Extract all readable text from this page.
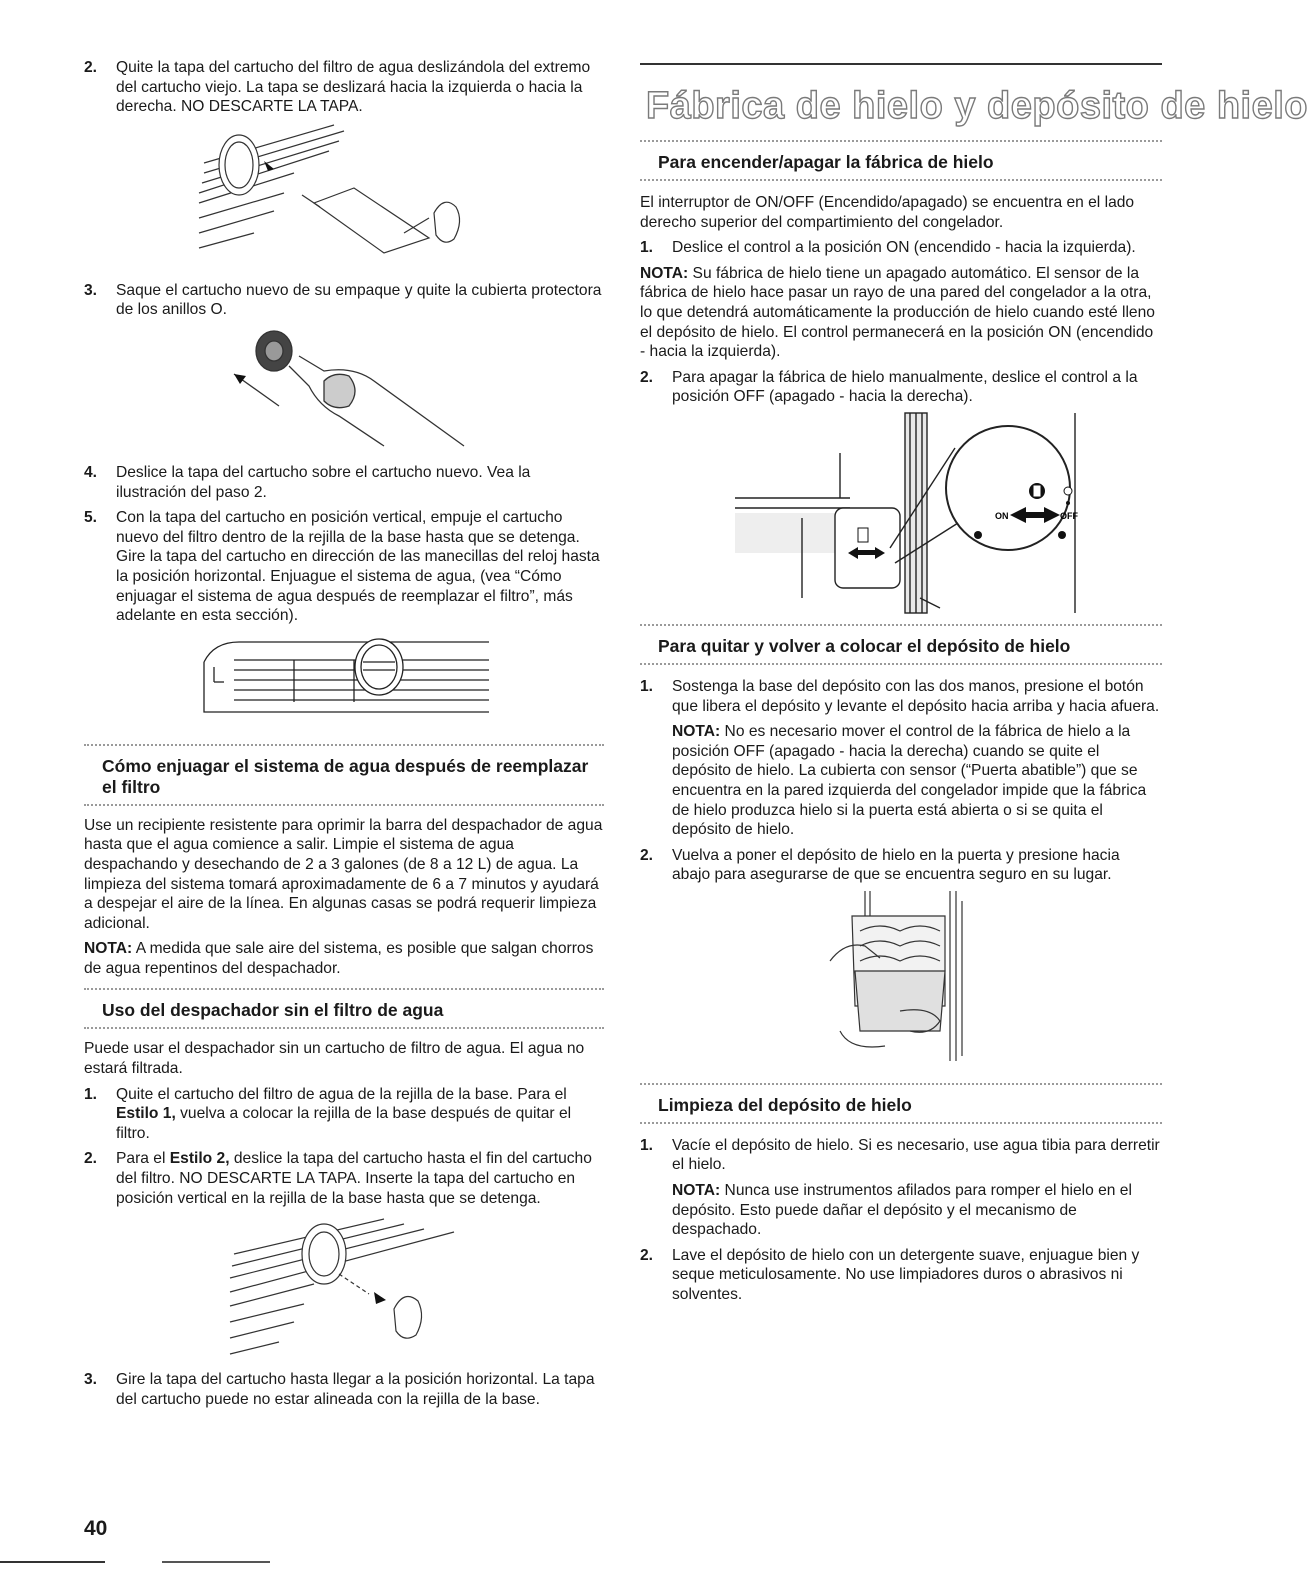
2. Quite la tapa del cartucho del filtro de agua deslizándola del extremo del cartucho viejo. La tapa se deslizará hacia la izquierda o hacia la derecha. NO DESCARTE LA TAPA.
3. Saque el cartucho nuevo de su empaque y quite la cubierta protectora de los anillos O.
4. Deslice la tapa del cartucho sobre el cartucho nuevo. Vea la ilustración del paso 2.
5. Con la tapa del cartucho en posición vertical, empuje el cartucho nuevo del filtro dentro de la rejilla de la base hasta que se detenga. Gire la tapa del cartucho en dirección de las manecillas del reloj hasta la posición horizontal. Enjuague el sistema de agua, (vea “Cómo enjuagar el sistema de agua después de reemplazar el filtro”, más adelante en esta sección).
Cómo enjuagar el sistema de agua después de reemplazar el filtro

Use un recipiente resistente para oprimir la barra del despachador de agua hasta que el agua comience a salir. Limpie el sistema de agua despachando y desechando de 2 a 3 galones (de 8 a 12 L) de agua. La limpieza del sistema tomará aproximadamente de 6 a 7 minutos y ayudará a despejar el aire de la línea. En algunas casas se podrá requerir limpieza adicional.

NOTA: A medida que sale aire del sistema, es posible que salgan chorros de agua repentinos del despachador.

Uso del despachador sin el filtro de agua

Puede usar el despachador sin un cartucho de filtro de agua. El agua no estará filtrada.

1. Quite el cartucho del filtro de agua de la rejilla de la base. Para el Estilo 1, vuelva a colocar la rejilla de la base después de quitar el filtro.
2. Para el Estilo 2, deslice la tapa del cartucho hasta el fin del cartucho del filtro. NO DESCARTE LA TAPA. Inserte la tapa del cartucho en posición vertical en la rejilla de la base hasta que se detenga.
3. Gire la tapa del cartucho hasta llegar a la posición horizontal. La tapa del cartucho puede no estar alineada con la rejilla de la base.
Fábrica de hielo y depósito de hielo
Para encender/apagar la fábrica de hielo

El interruptor de ON/OFF (Encendido/apagado) se encuentra en el lado derecho superior del compartimiento del congelador.

1. Deslice el control a la posición ON (encendido - hacia la izquierda).

NOTA: Su fábrica de hielo tiene un apagado automático. El sensor de la fábrica de hielo hace pasar un rayo de una pared del congelador a la otra, lo que detendrá automáticamente la producción de hielo cuando esté lleno el depósito de hielo. El control permanecerá en la posición ON (encendido - hacia la izquierda).

2. Para apagar la fábrica de hielo manualmente, deslice el control a la posición OFF (apagado - hacia la derecha).
ON	OFF
Para quitar y volver a colocar el depósito de hielo
1. Sostenga la base del depósito con las dos manos, presione el botón que libera el depósito y levante el depósito hacia arriba y hacia afuera.

NOTA: No es necesario mover el control de la fábrica de hielo a la posición OFF (apagado - hacia la derecha) cuando se quite el depósito de hielo. La cubierta con sensor (“Puerta abatible”) que se encuentra en la pared izquierda del congelador impide que la fábrica de hielo produzca hielo si la puerta está abierta o si se quita el depósito de hielo.

2. Vuelva a poner el depósito de hielo en la puerta y presione hacia abajo para asegurarse de que se encuentra seguro en su lugar.
Limpieza del depósito de hielo
1. Vacíe el depósito de hielo. Si es necesario, use agua tibia para derretir el hielo.

NOTA: Nunca use instrumentos afilados para romper el hielo en el depósito. Esto puede dañar el depósito y el mecanismo de despachado.

2. Lave el depósito de hielo con un detergente suave, enjuague bien y seque meticulosamente. No use limpiadores duros o abrasivos ni solventes.
40
